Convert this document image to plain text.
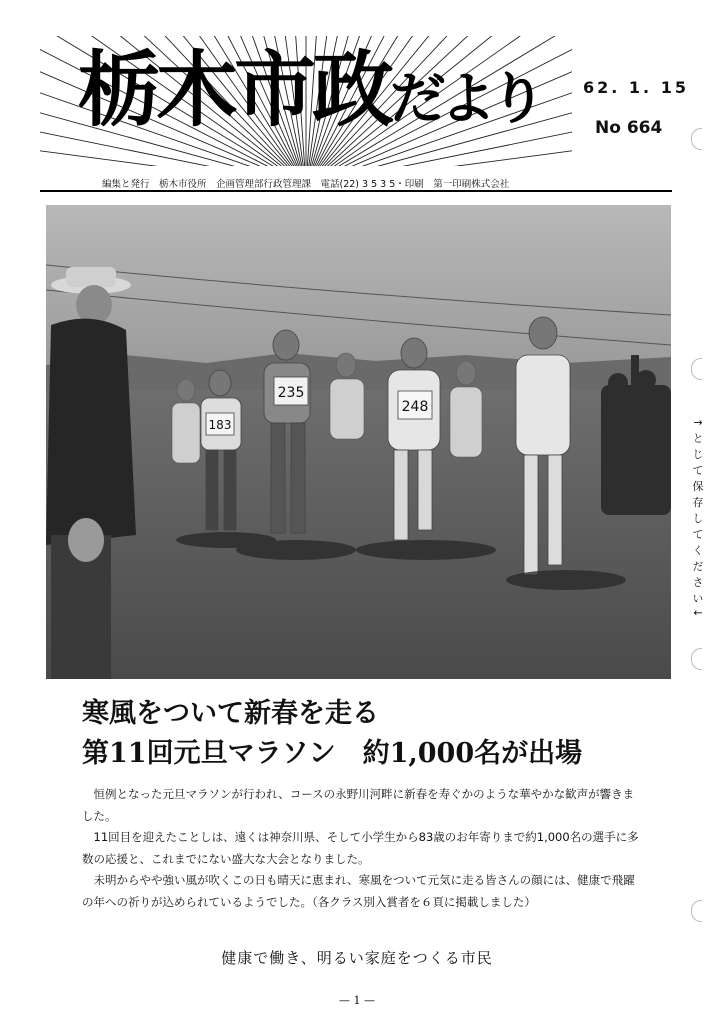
栃木市政だより	62. 1. 15
No 664
編集と発行　栃木市役所　企画管理部行政管理課　電話(22) 3 5 3 5・印刷　第一印刷株式会社
235
248
183	↑とじて保存してください↓
寒風をついて新春を走る
第11回元旦マラソン　約1,000名が出場

恒例となった元旦マラソンが行われ、コースの永野川河畔に新春を寿ぐかのような華やかな歓声が響きました。

11回目を迎えたことしは、遠くは神奈川県、そして小学生から83歳のお年寄りまで約1,000名の選手に多数の応援と、これまでにない盛大な大会となりました。

未明からやや強い風が吹くこの日も晴天に恵まれ、寒風をついて元気に走る皆さんの顔には、健康で飛躍の年への祈りが込められているようでした。（各クラス別入賞者を６頁に掲載しました）

健康で働き、明るい家庭をつくる市民
— 1 —
